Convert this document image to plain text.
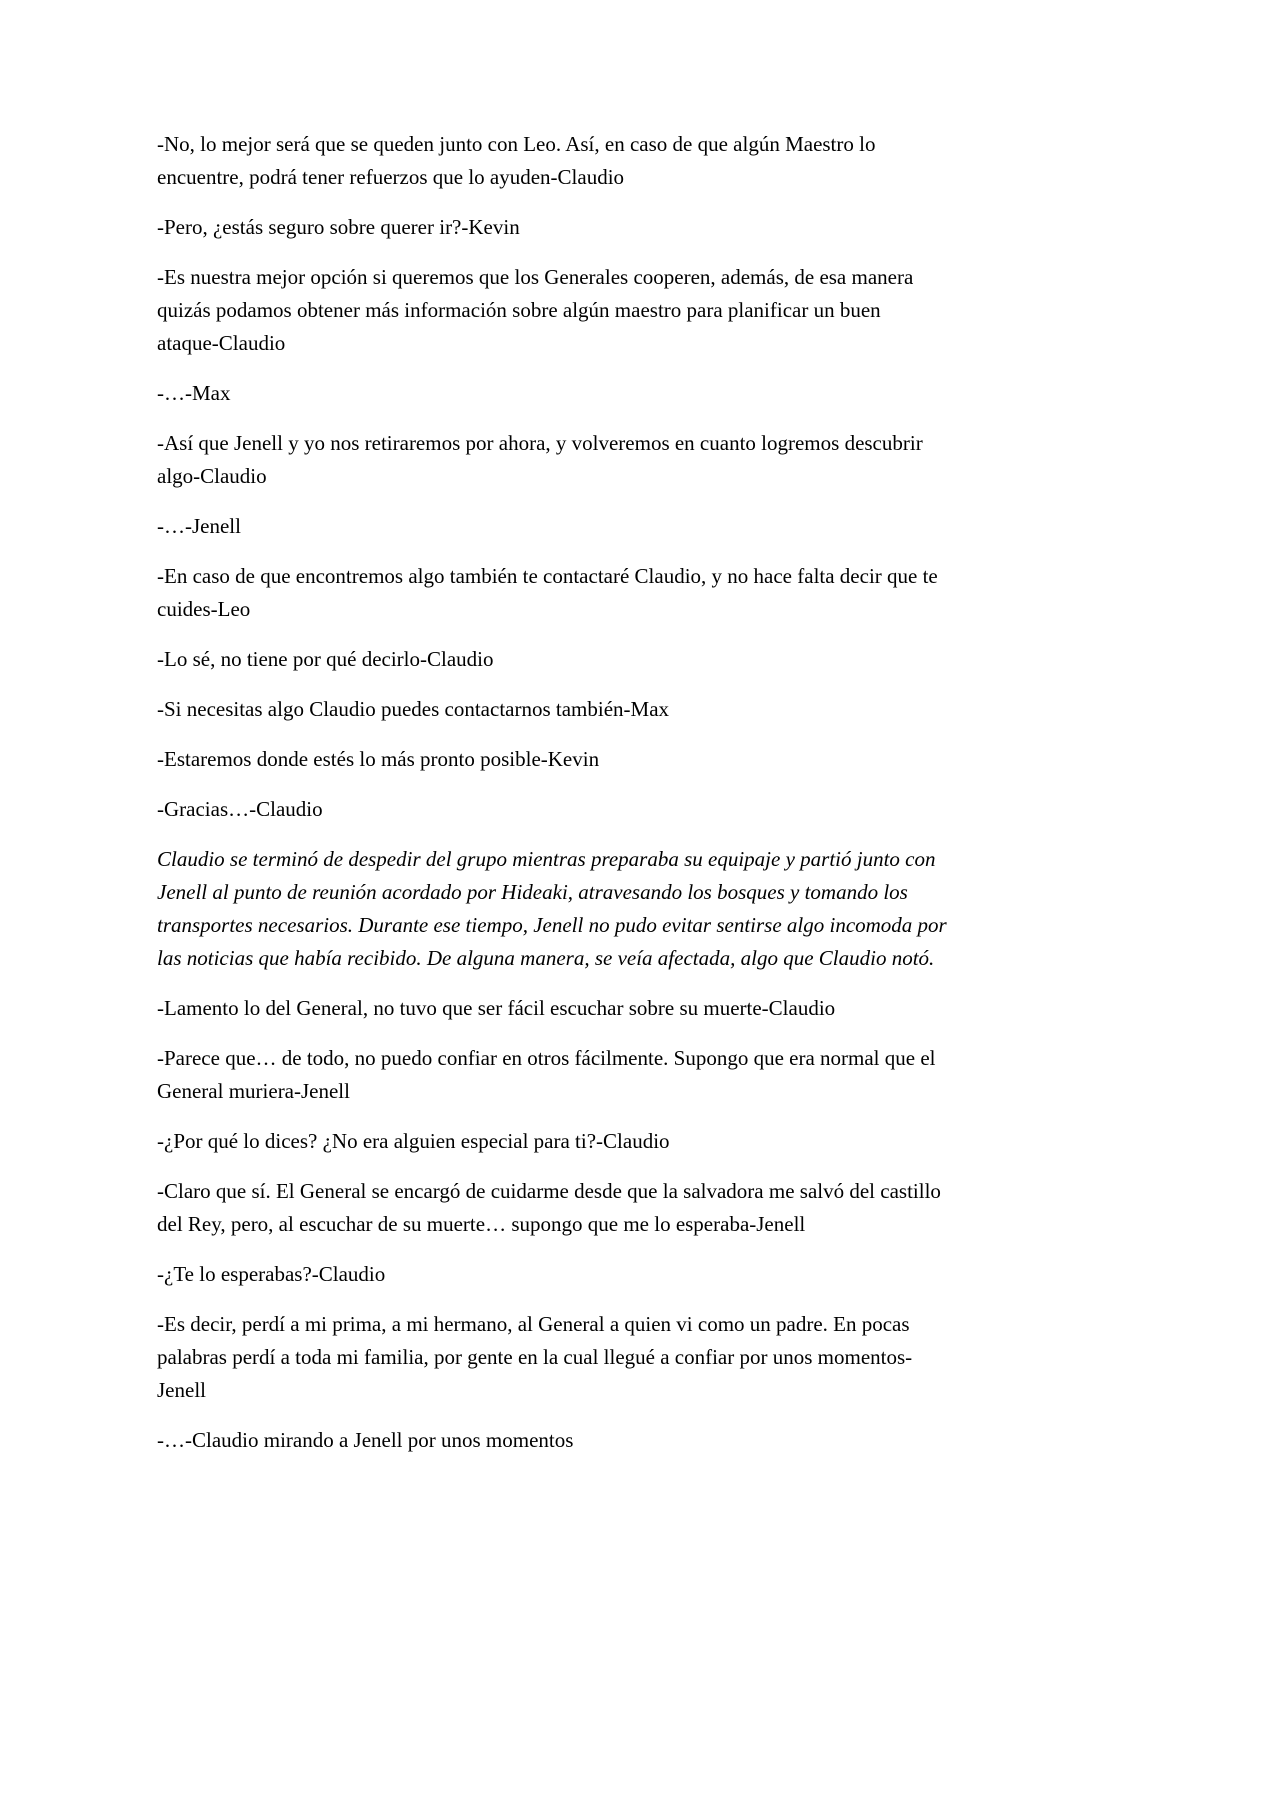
-No, lo mejor será que se queden junto con Leo. Así, en caso de que algún Maestro lo encuentre, podrá tener refuerzos que lo ayuden-Claudio

-Pero, ¿estás seguro sobre querer ir?-Kevin

-Es nuestra mejor opción si queremos que los Generales cooperen, además, de esa manera quizás podamos obtener más información sobre algún maestro para planificar un buen ataque-Claudio

-…-Max

-Así que Jenell y yo nos retiraremos por ahora, y volveremos en cuanto logremos descubrir algo-Claudio

-…-Jenell

-En caso de que encontremos algo también te contactaré Claudio, y no hace falta decir que te cuides-Leo

-Lo sé, no tiene por qué decirlo-Claudio

-Si necesitas algo Claudio puedes contactarnos también-Max

-Estaremos donde estés lo más pronto posible-Kevin

-Gracias…-Claudio

Claudio se terminó de despedir del grupo mientras preparaba su equipaje y partió junto con Jenell al punto de reunión acordado por Hideaki, atravesando los bosques y tomando los transportes necesarios. Durante ese tiempo, Jenell no pudo evitar sentirse algo incomoda por las noticias que había recibido. De alguna manera, se veía afectada, algo que Claudio notó.

-Lamento lo del General, no tuvo que ser fácil escuchar sobre su muerte-Claudio

-Parece que… de todo, no puedo confiar en otros fácilmente. Supongo que era normal que el General muriera-Jenell

-¿Por qué lo dices? ¿No era alguien especial para ti?-Claudio

-Claro que sí. El General se encargó de cuidarme desde que la salvadora me salvó del castillo del Rey, pero, al escuchar de su muerte… supongo que me lo esperaba-Jenell

-¿Te lo esperabas?-Claudio

-Es decir, perdí a mi prima, a mi hermano, al General a quien vi como un padre. En pocas palabras perdí a toda mi familia, por gente en la cual llegué a confiar por unos momentos-Jenell

-…-Claudio mirando a Jenell por unos momentos
